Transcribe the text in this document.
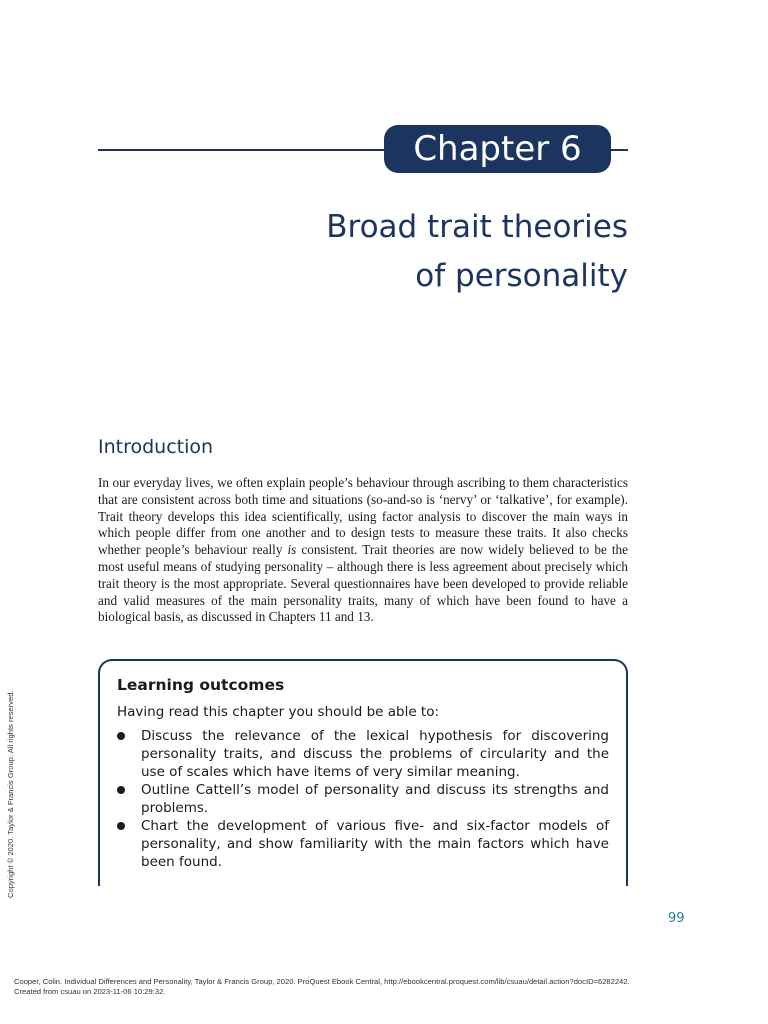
Chapter 6
Broad trait theories
of personality
Introduction

In our everyday lives, we often explain people’s behaviour through ascribing to them characteristics that are consistent across both time and situations (so-and-so is ‘nervy’ or ‘talkative’, for example). Trait theory develops this idea scientifically, using factor analysis to discover the main ways in which people differ from one another and to design tests to measure these traits. It also checks whether people’s behaviour really is consistent. Trait theories are now widely believed to be the most useful means of studying personality – although there is less agreement about precisely which trait theory is the most appropriate. Several questionnaires have been developed to provide reliable and valid measures of the main personality traits, many of which have been found to have a biological basis, as discussed in Chapters 11 and 13.

Learning outcomes

Having read this chapter you should be able to:

Discuss the relevance of the lexical hypothesis for discovering personality traits, and discuss the problems of circularity and the use of scales which have items of very similar meaning.
Outline Cattell’s model of personality and discuss its strengths and problems.
Chart the development of various five- and six-factor models of personality, and show familiarity with the main factors which have been found.
99
Copyright © 2020. Taylor & Francis Group. All rights reserved.

Cooper, Colin. Individual Differences and Personality, Taylor & Francis Group, 2020. ProQuest Ebook Central, http://ebookcentral.proquest.com/lib/csuau/detail.action?docID=6282242.
Created from csuau on 2023-11-06 10:29:32.
